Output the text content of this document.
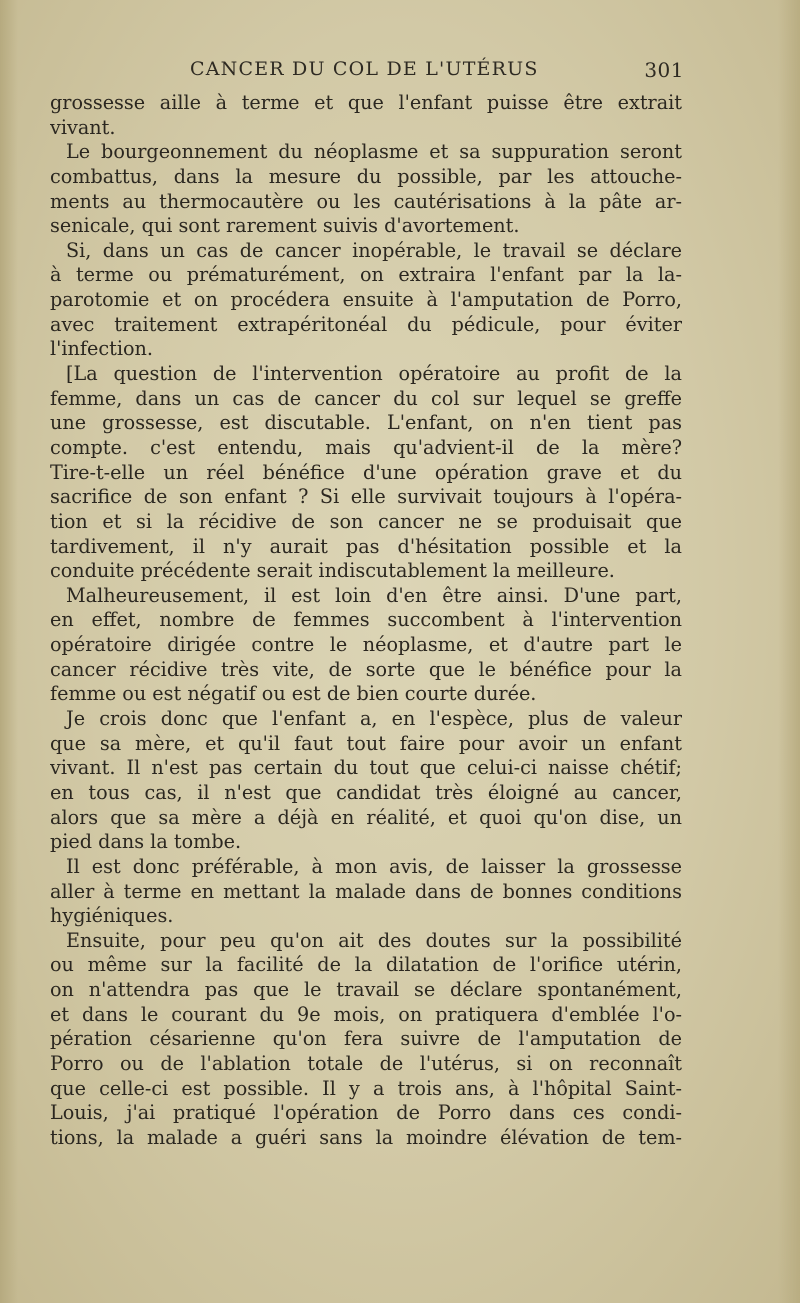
CANCER DU COL DE L'UTÉRUS	301
grossesse aille à terme et que l'enfant puisse être extrait
vivant.
Le bourgeonnement du néoplasme et sa suppuration seront
combattus, dans la mesure du possible, par les attouche-
ments au thermocautère ou les cautérisations à la pâte ar-
senicale, qui sont rarement suivis d'avortement.
Si, dans un cas de cancer inopérable, le travail se déclare
à terme ou prématurément, on extraira l'enfant par la la-
parotomie et on procédera ensuite à l'amputation de Porro,
avec traitement extrapéritonéal du pédicule, pour éviter
l'infection.
[La question de l'intervention opératoire au profit de la
femme, dans un cas de cancer du col sur lequel se greffe
une grossesse, est discutable. L'enfant, on n'en tient pas
compte. c'est entendu, mais qu'advient-il de la mère?
Tire-t-elle un réel bénéfice d'une opération grave et du
sacrifice de son enfant ? Si elle survivait toujours à l'opéra-
tion et si la récidive de son cancer ne se produisait que
tardivement, il n'y aurait pas d'hésitation possible et la
conduite précédente serait indiscutablement la meilleure.
Malheureusement, il est loin d'en être ainsi. D'une part,
en effet, nombre de femmes succombent à l'intervention
opératoire dirigée contre le néoplasme, et d'autre part le
cancer récidive très vite, de sorte que le bénéfice pour la
femme ou est négatif ou est de bien courte durée.
Je crois donc que l'enfant a, en l'espèce, plus de valeur
que sa mère, et qu'il faut tout faire pour avoir un enfant
vivant. Il n'est pas certain du tout que celui-ci naisse chétif;
en tous cas, il n'est que candidat très éloigné au cancer,
alors que sa mère a déjà en réalité, et quoi qu'on dise, un
pied dans la tombe.
Il est donc préférable, à mon avis, de laisser la grossesse
aller à terme en mettant la malade dans de bonnes conditions
hygiéniques.
Ensuite, pour peu qu'on ait des doutes sur la possibilité
ou même sur la facilité de la dilatation de l'orifice utérin,
on n'attendra pas que le travail se déclare spontanément,
et dans le courant du 9e mois, on pratiquera d'emblée l'o-
pération césarienne qu'on fera suivre de l'amputation de
Porro ou de l'ablation totale de l'utérus, si on reconnaît
que celle-ci est possible. Il y a trois ans, à l'hôpital Saint-
Louis, j'ai pratiqué l'opération de Porro dans ces condi-
tions, la malade a guéri sans la moindre élévation de tem-
